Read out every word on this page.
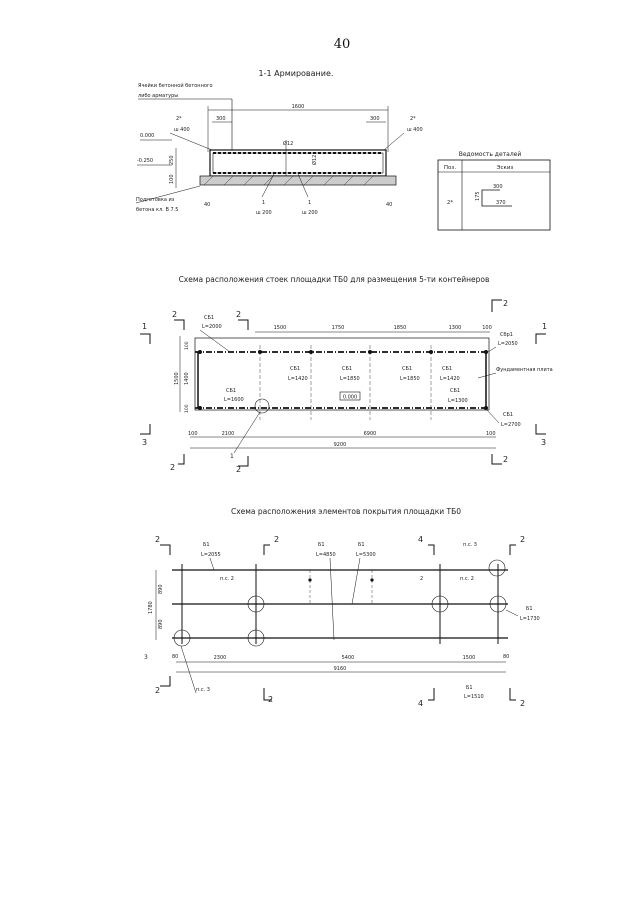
40
1-1 Армирование.
Ячейки бетонной бетонного
либо арматуры
1600
300	300
2*
ш 400
2*
ш 400
0.000
-0.250	250
100
Ø12
Ø12
Подготовка из
бетона кл. В 7.5
40	40
1
ш 200
1
ш 200
Ведомость деталей
Поз.	Эскиз
2*
300
370
175
Схема расположения стоек площадки ТБ0 для размещения 5-ти контейнеров
2	2
2
1	1
1500	1750	1850	1300	100
СБ1
L=2000
Сбр1
L=2050
1500 1400
100
100
СБ1
L=1600
СБ1
L=1420
СБ1
L=1850
СБ1
L=1850
СБ1
L=1420
СБ1
L=1300
Фундаментная плита
0.000
1
СБ1
L=2700
100	2100	6900	100
9200
3	3
2	2
2
Схема расположения элементов покрытия площадки ТБ0
2	2	4	2
Б1
L=2055
Б1
L=4850
Б1
L=5300
п.с. 3
п.с. 2	п.с. 2
2
1780
890
890
Б1
L=1730
3	80	80
2300	5400	1500
9160
п.с. 3	Б1
L=1510
2
2	4	2
